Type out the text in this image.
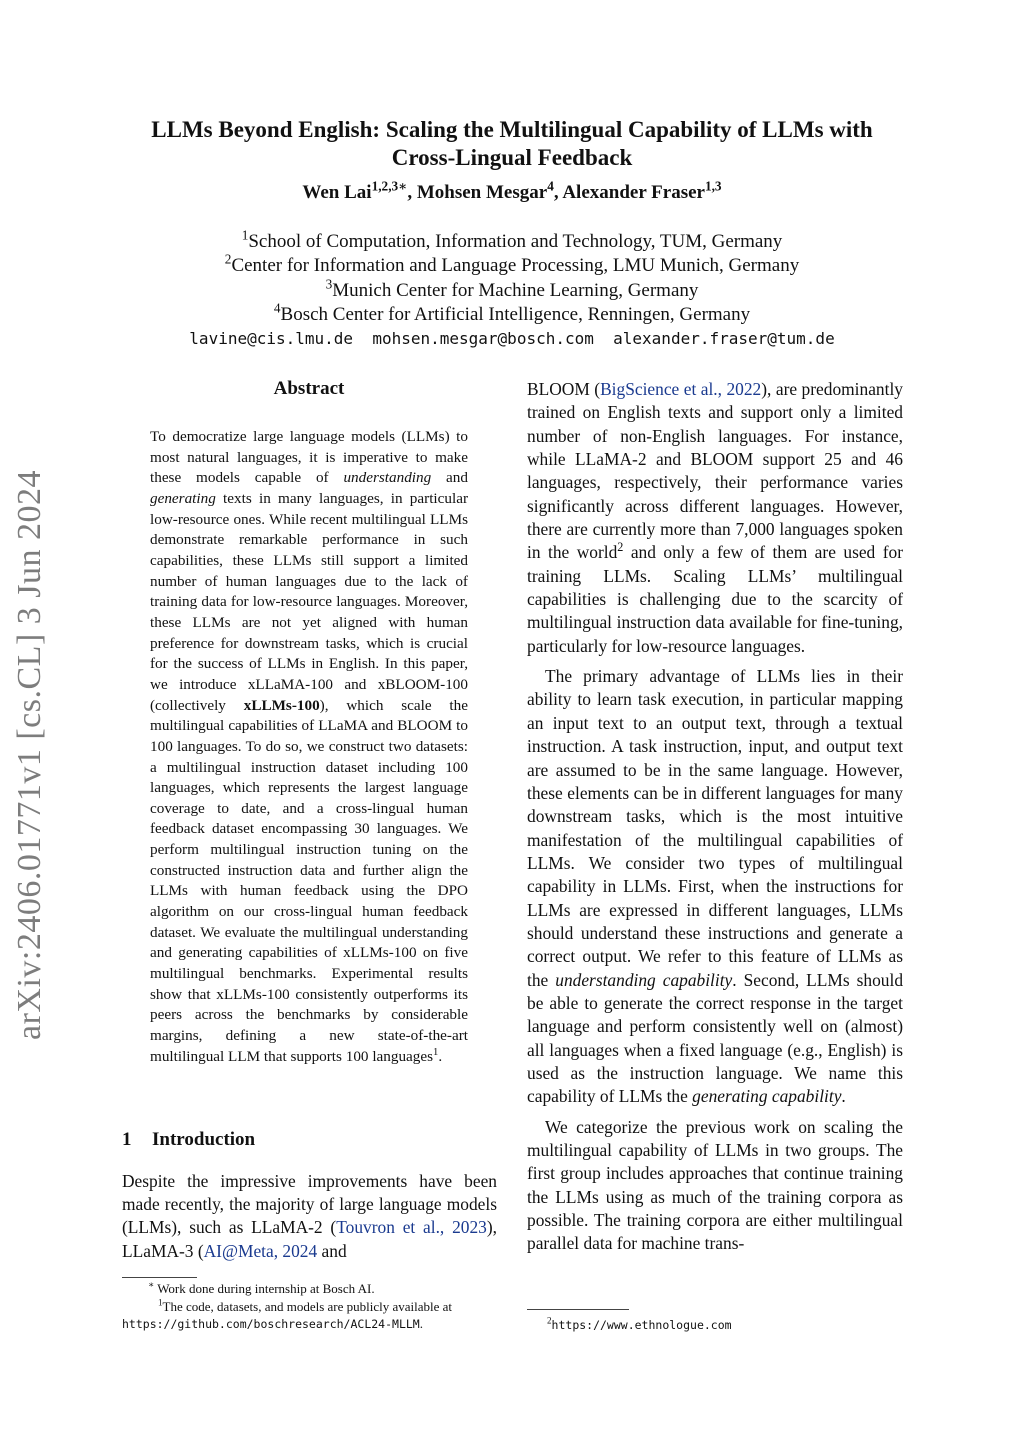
arXiv:2406.01771v1 [cs.CL] 3 Jun 2024
LLMs Beyond English: Scaling the Multilingual Capability of LLMs with
Cross-Lingual Feedback
Wen Lai$^{1,2,3∗}$, Mohsen Mesgar$^4$, Alexander Fraser$^{1,3}$
$^1$School of Computation, Information and Technology, TUM, Germany
$^2$Center for Information and Language Processing, LMU Munich, Germany
$^3$Munich Center for Machine Learning, Germany
$^4$Bosch Center for Artificial Intelligence, Renningen, Germany
lavine@cis.lmu.de  mohsen.mesgar@bosch.com  alexander.fraser@tum.de
Abstract
To democratize large language models (LLMs) to most natural languages, it is imperative to make these models capable of understanding and generating texts in many languages, in particular low-resource ones. While recent multilingual LLMs demonstrate remarkable performance in such capabilities, these LLMs still support a limited number of human languages due to the lack of training data for low-resource languages. Moreover, these LLMs are not yet aligned with human preference for downstream tasks, which is crucial for the success of LLMs in English. In this paper, we introduce xLLaMA-100 and xBLOOM-100 (collectively xLLMs-100), which scale the multilingual capabilities of LLaMA and BLOOM to 100 languages. To do so, we construct two datasets: a multilingual instruction dataset including 100 languages, which represents the largest language coverage to date, and a cross-lingual human feedback dataset encompassing 30 languages. We perform multilingual instruction tuning on the constructed instruction data and further align the LLMs with human feedback using the DPO algorithm on our cross-lingual human feedback dataset. We evaluate the multilingual understanding and generating capabilities of xLLMs-100 on five multilingual benchmarks. Experimental results show that xLLMs-100 consistently outperforms its peers across the benchmarks by considerable margins, defining a new state-of-the-art multilingual LLM that supports 100 languages$^1$.
1 Introduction
Despite the impressive improvements have been made recently, the majority of large language models (LLMs), such as LLaMA-2 (Touvron et al., 2023), LLaMA-3 (AI@Meta, 2024 and

BLOOM (BigScience et al., 2022), are predominantly trained on English texts and support only a limited number of non-English languages. For instance, while LLaMA-2 and BLOOM support 25 and 46 languages, respectively, their performance varies significantly across different languages. However, there are currently more than 7,000 languages spoken in the world$^2$ and only a few of them are used for training LLMs. Scaling LLMs’ multilingual capabilities is challenging due to the scarcity of multilingual instruction data available for fine-tuning, particularly for low-resource languages.

The primary advantage of LLMs lies in their ability to learn task execution, in particular mapping an input text to an output text, through a textual instruction. A task instruction, input, and output text are assumed to be in the same language. However, these elements can be in different languages for many downstream tasks, which is the most intuitive manifestation of the multilingual capabilities of LLMs. We consider two types of multilingual capability in LLMs. First, when the instructions for LLMs are expressed in different languages, LLMs should understand these instructions and generate a correct output. We refer to this feature of LLMs as the understanding capability. Second, LLMs should be able to generate the correct response in the target language and perform consistently well on (almost) all languages when a fixed language (e.g., English) is used as the instruction language. We name this capability of LLMs the generating capability.

We categorize the previous work on scaling the multilingual capability of LLMs in two groups. The first group includes approaches that continue training the LLMs using as much of the training corpora as possible. The training corpora are either multilingual parallel data for machine trans-

∗ Work done during internship at Bosch AI.
$^1$The code, datasets, and models are publicly available at
https://github.com/boschresearch/ACL24-MLLM.	$^2$https://www.ethnologue.com
